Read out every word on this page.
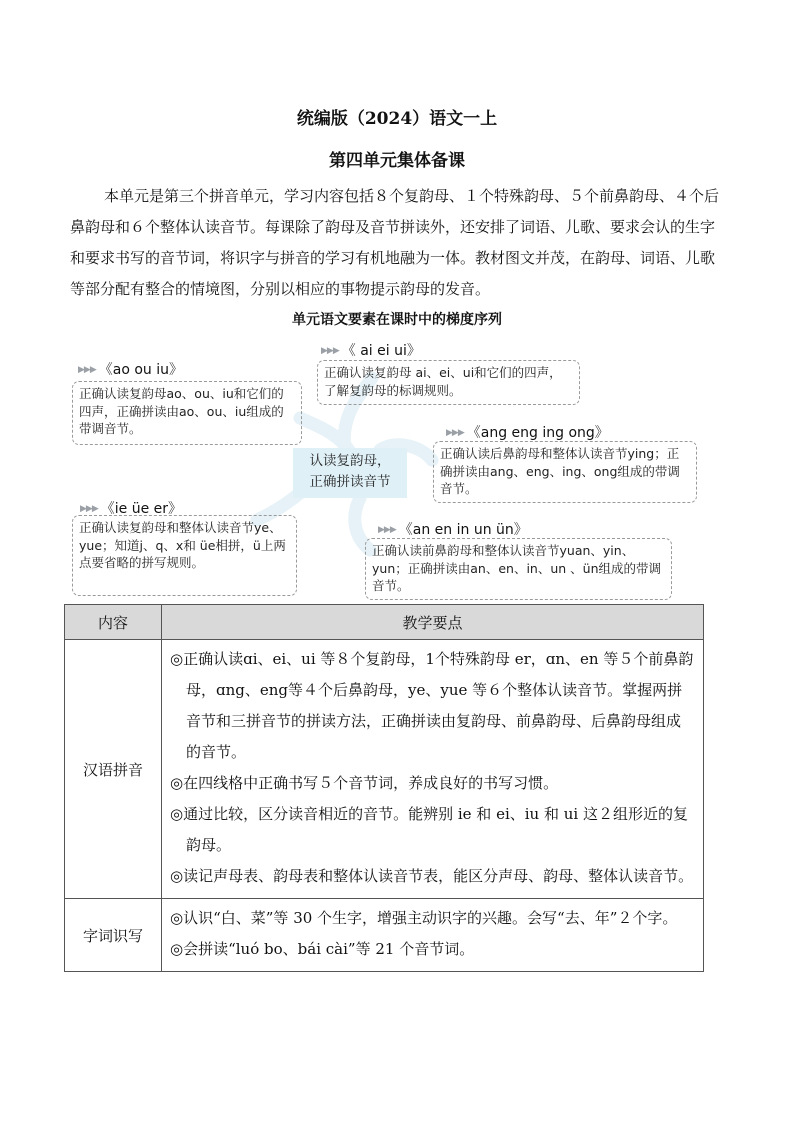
统编版（2024）语文一上
第四单元集体备课
本单元是第三个拼音单元，学习内容包括８个复韵母、１个特殊韵母、５个前鼻韵母、４个后鼻韵母和６个整体认读音节。每课除了韵母及音节拼读外，还安排了词语、儿歌、要求会认的生字和要求书写的音节词，将识字与拼音的学习有机地融为一体。教材图文并茂，在韵母、词语、儿歌等部分配有整合的情境图，分别以相应的事物提示韵母的发音。
单元语文要素在课时中的梯度序列
▶▶▶ 《ao ou iu》
正确认读复韵母ao、ou、iu和它们的四声，正确拼读由ao、ou、iu组成的带调音节。
▶▶▶ 《 ai ei ui》
正确认读复韵母 ai、ei、ui和它们的四声，了解复韵母的标调规则。
认读复韵母，
正确拼读音节
▶▶▶ 《ang eng ing ong》
正确认读后鼻韵母和整体认读音节ying；正确拼读由ang、eng、ing、ong组成的带调音节。
▶▶▶ 《ie üe er》
正确认读复韵母和整体认读音节ye、yue；知道j、q、x和 üe相拼，ü上两点要省略的拼写规则。
▶▶▶ 《an en in un ün》
正确认读前鼻韵母和整体认读音节yuan、yin、yun；正确拼读由an、en、in、un 、ün组成的带调音节。
内容	教学要点
汉语拼音	◎正确认读ɑi、ei、ui 等８个复韵母，1个特殊韵母 er，ɑn、en 等５个前鼻韵母，ɑng、eng等４个后鼻韵母，ye、yue 等６个整体认读音节。掌握两拼音节和三拼音节的拼读方法，正确拼读由复韵母、前鼻韵母、后鼻韵母组成的音节。
◎在四线格中正确书写５个音节词，养成良好的书写习惯。
◎通过比较，区分读音相近的音节。能辨别 ie 和 ei、iu 和 ui 这２组形近的复韵母。
◎读记声母表、韵母表和整体认读音节表，能区分声母、韵母、整体认读音节。

字词识写	◎认识“白、菜”等 30 个生字，增强主动识字的兴趣。会写“去、年”２个字。
◎会拼读“luó bo、bái cài”等 21 个音节词。
